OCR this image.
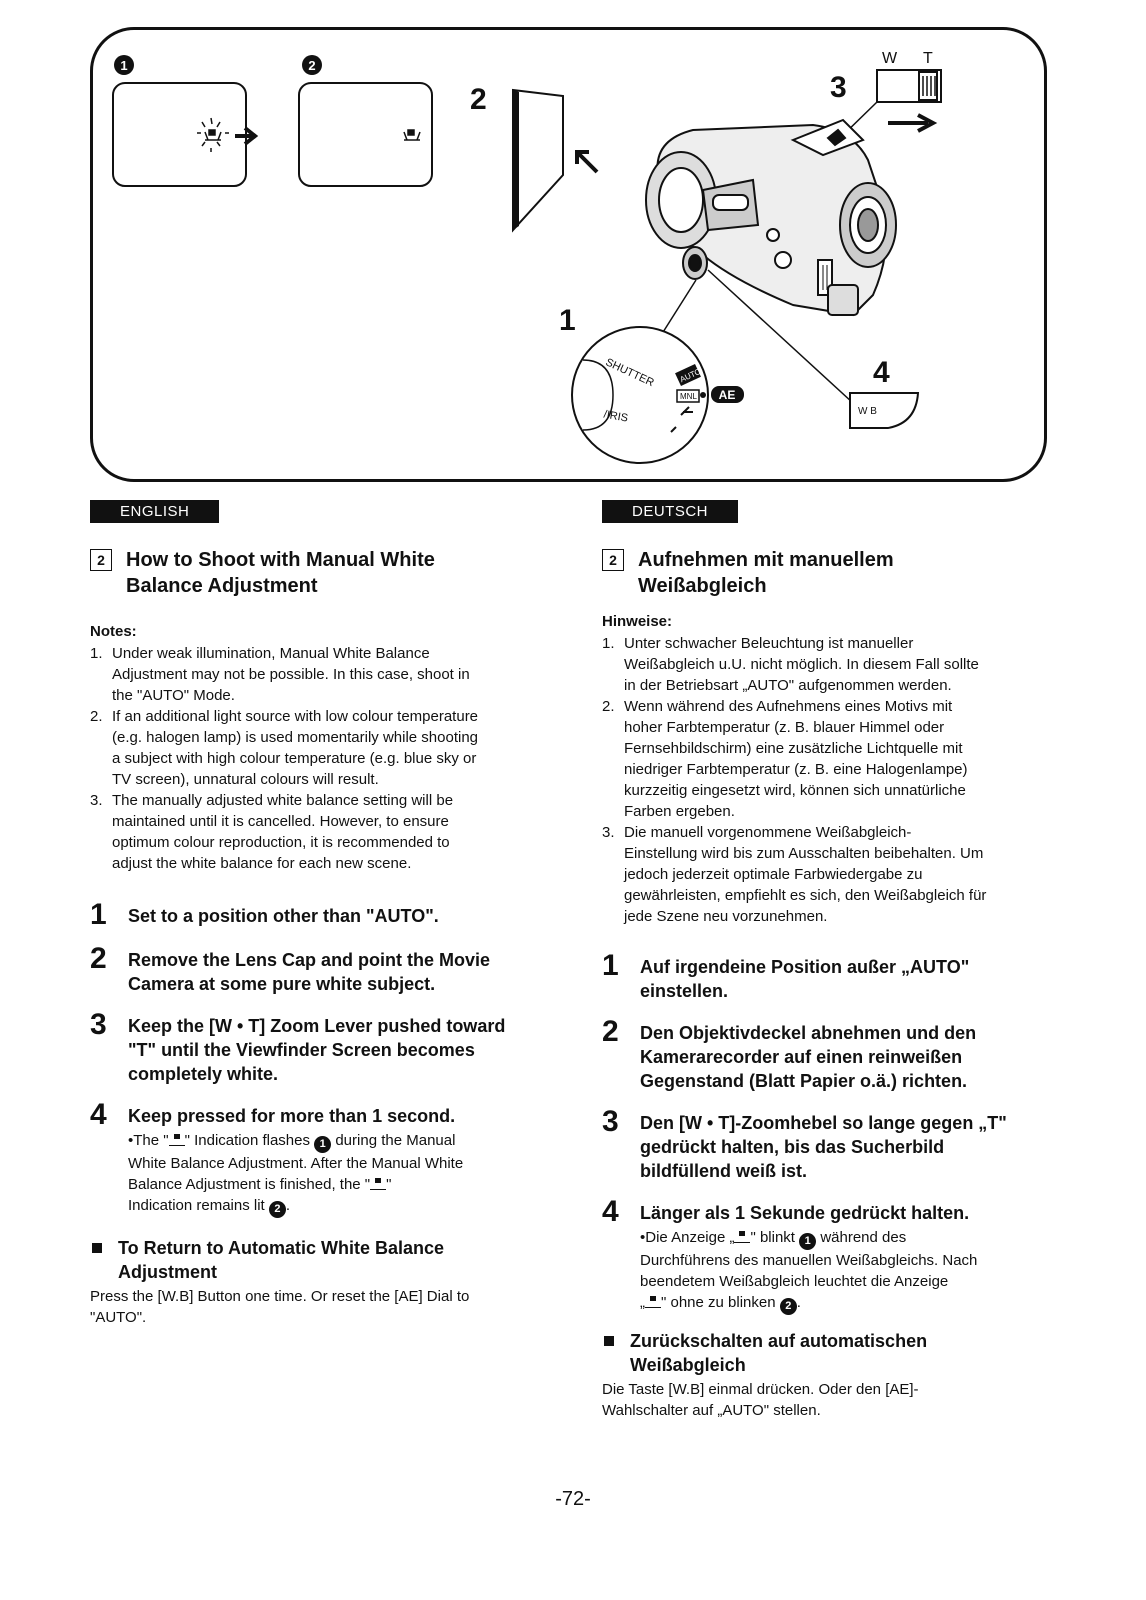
1	2
2	3
W T
1
SHUTTER
/IRIS
AUTO
MNL AE
4
W B
ENGLISH
2	How to Shoot with Manual White
Balance Adjustment
Notes:
1. Under weak illumination, Manual White Balance
Adjustment may not be possible. In this case, shoot in
the "AUTO" Mode.
2. If an additional light source with low colour temperature
(e.g. halogen lamp) is used momentarily while shooting
a subject with high colour temperature (e.g. blue sky or
TV screen), unnatural colours will result.
3. The manually adjusted white balance setting will be
maintained until it is cancelled. However, to ensure
optimum colour reproduction, it is recommended to
adjust the white balance for each new scene.
1	Set to a position other than "AUTO".
2	Remove the Lens Cap and point the Movie
Camera at some pure white subject.
3	Keep the [W • T] Zoom Lever pushed toward
"T" until the Viewfinder Screen becomes
completely white.
4	Keep pressed for more than 1 second.
•The " " Indication flashes 1 during the Manual
White Balance Adjustment. After the Manual White
Balance Adjustment is finished, the " "
Indication remains lit 2 .
To Return to Automatic White Balance
Adjustment
Press the [W.B] Button one time. Or reset the [AE] Dial to
"AUTO".
DEUTSCH
2	Aufnehmen mit manuellem
Weißabgleich
Hinweise:
1. Unter schwacher Beleuchtung ist manueller
Weißabgleich u.U. nicht möglich. In diesem Fall sollte
in der Betriebsart „AUTO" aufgenommen werden.
2. Wenn während des Aufnehmens eines Motivs mit
hoher Farbtemperatur (z. B. blauer Himmel oder
Fernsehbildschirm) eine zusätzliche Lichtquelle mit
niedriger Farbtemperatur (z. B. eine Halogenlampe)
kurzzeitig eingesetzt wird, können sich unnatürliche
Farben ergeben.
3. Die manuell vorgenommene Weißabgleich-
Einstellung wird bis zum Ausschalten beibehalten. Um
jedoch jederzeit optimale Farbwiedergabe zu
gewährleisten, empfiehlt es sich, den Weißabgleich für
jede Szene neu vorzunehmen.
1	Auf irgendeine Position außer „AUTO"
einstellen.
2	Den Objektivdeckel abnehmen und den
Kamerarecorder auf einen reinweißen
Gegenstand (Blatt Papier o.ä.) richten.
3	Den [W • T]-Zoomhebel so lange gegen „T"
gedrückt halten, bis das Sucherbild
bildfüllend weiß ist.
4	Länger als 1 Sekunde gedrückt halten.
•Die Anzeige „ " blinkt 1 während des
Durchführens des manuellen Weißabgleichs. Nach
beendetem Weißabgleich leuchtet die Anzeige
„ " ohne zu blinken 2 .
Zurückschalten auf automatischen
Weißabgleich
Die Taste [W.B] einmal drücken. Oder den [AE]-
Wahlschalter auf „AUTO" stellen.
-72-
